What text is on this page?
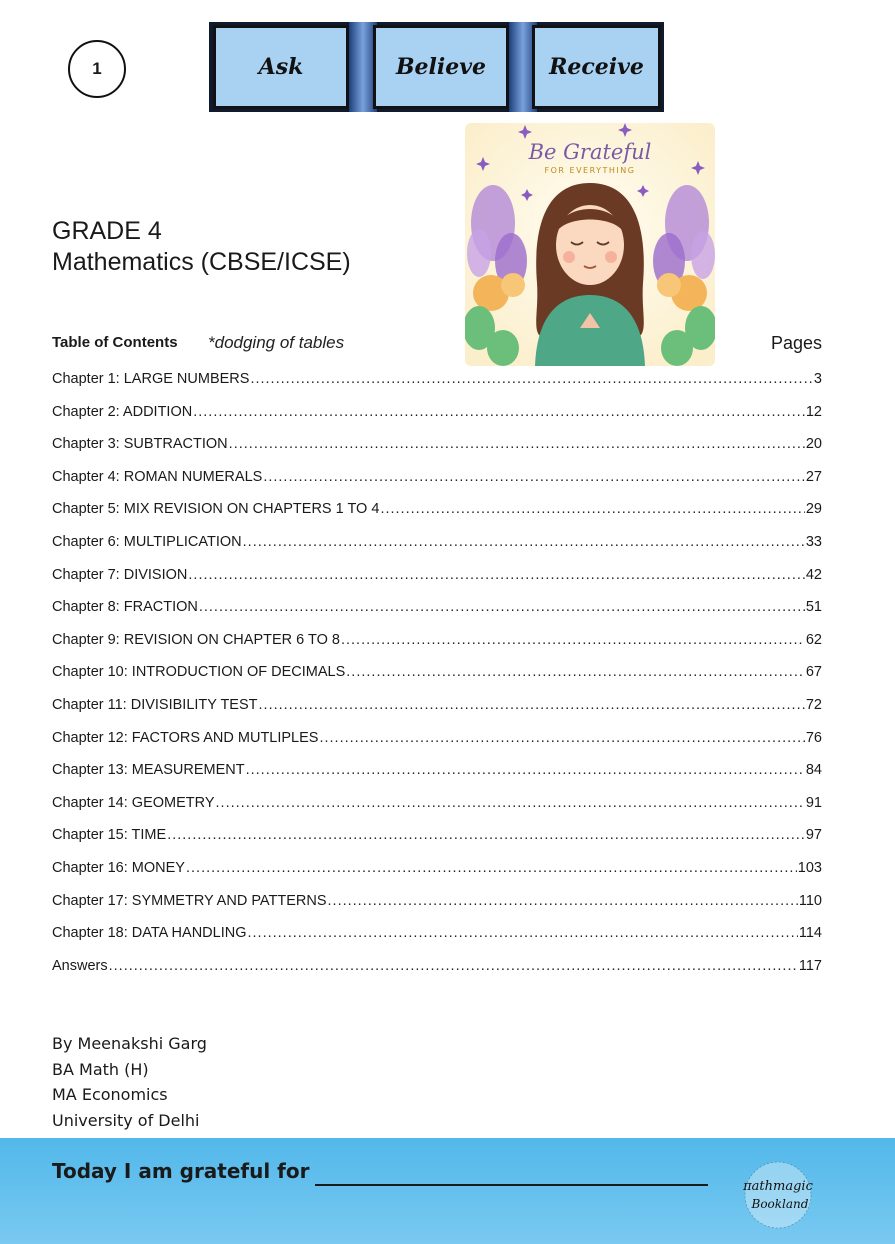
1	Ask	Believe	Receive
GRADE 4
Mathematics (CBSE/ICSE)
Be Grateful
FOR EVERYTHING
Table of Contents *dodging of tables	Pages
Chapter 1: LARGE NUMBERS .....	3
Chapter 2: ADDITION .....	12
Chapter 3: SUBTRACTION .....	20
Chapter 4: ROMAN NUMERALS .....	27
Chapter 5: MIX REVISION ON CHAPTERS 1 TO 4 .....	29
Chapter 6: MULTIPLICATION .....	33
Chapter 7: DIVISION .....	42
Chapter 8: FRACTION .....	51
Chapter 9: REVISION ON CHAPTER 6 TO 8 .....	62
Chapter 10: INTRODUCTION OF DECIMALS .....	67
Chapter 11: DIVISIBILITY TEST .....	72
Chapter 12: FACTORS AND MUTLIPLES .....	76
Chapter 13: MEASUREMENT .....	84
Chapter 14: GEOMETRY .....	91
Chapter 15: TIME .....	97
Chapter 16: MONEY .....	103
Chapter 17: SYMMETRY AND PATTERNS .....	110
Chapter 18: DATA HANDLING .....	114
Answers .....	117
By Meenakshi Garg
BA Math (H)
MA Economics
University of Delhi
Today I am grateful for
πathmagic
Bookland
